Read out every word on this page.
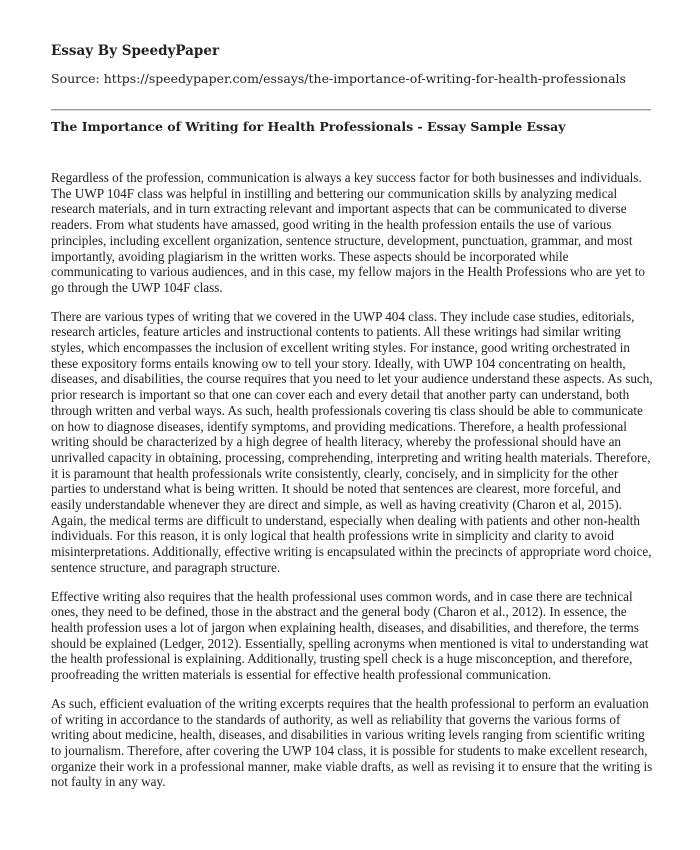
Essay By SpeedyPaper
Source: https://speedypaper.com/essays/the-importance-of-writing-for-health-professionals
The Importance of Writing for Health Professionals - Essay Sample Essay

Regardless of the profession, communication is always a key success factor for both businesses and individuals. The UWP 104F class was helpful in instilling and bettering our communication skills by analyzing medical research materials, and in turn extracting relevant and important aspects that can be communicated to diverse readers. From what students have amassed, good writing in the health profession entails the use of various principles, including excellent organization, sentence structure, development, punctuation, grammar, and most importantly, avoiding plagiarism in the written works. These aspects should be incorporated while communicating to various audiences, and in this case, my fellow majors in the Health Professions who are yet to go through the UWP 104F class.

There are various types of writing that we covered in the UWP 404 class. They include case studies, editorials, research articles, feature articles and instructional contents to patients. All these writings had similar writing styles, which encompasses the inclusion of excellent writing styles. For instance, good writing orchestrated in these expository forms entails knowing ow to tell your story. Ideally, with UWP 104 concentrating on health, diseases, and disabilities, the course requires that you need to let your audience understand these aspects. As such, prior research is important so that one can cover each and every detail that another party can understand, both through written and verbal ways. As such, health professionals covering tis class should be able to communicate on how to diagnose diseases, identify symptoms, and providing medications. Therefore, a health professional writing should be characterized by a high degree of health literacy, whereby the professional should have an unrivalled capacity in obtaining, processing, comprehending, interpreting and writing health materials. Therefore, it is paramount that health professionals write consistently, clearly, concisely, and in simplicity for the other parties to understand what is being written. It should be noted that sentences are clearest, more forceful, and easily understandable whenever they are direct and simple, as well as having creativity (Charon et al, 2015). Again, the medical terms are difficult to understand, especially when dealing with patients and other non-health individuals. For this reason, it is only logical that health professions write in simplicity and clarity to avoid misinterpretations. Additionally, effective writing is encapsulated within the precincts of appropriate word choice, sentence structure, and paragraph structure.

Effective writing also requires that the health professional uses common words, and in case there are technical ones, they need to be defined, those in the abstract and the general body (Charon et al., 2012). In essence, the health profession uses a lot of jargon when explaining health, diseases, and disabilities, and therefore, the terms should be explained (Ledger, 2012). Essentially, spelling acronyms when mentioned is vital to understanding wat the health professional is explaining. Additionally, trusting spell check is a huge misconception, and therefore, proofreading the written materials is essential for effective health professional communication.

As such, efficient evaluation of the writing excerpts requires that the health professional to perform an evaluation of writing in accordance to the standards of authority, as well as reliability that governs the various forms of writing about medicine, health, diseases, and disabilities in various writing levels ranging from scientific writing to journalism. Therefore, after covering the UWP 104 class, it is possible for students to make excellent research, organize their work in a professional manner, make viable drafts, as well as revising it to ensure that the writing is not faulty in any way.
